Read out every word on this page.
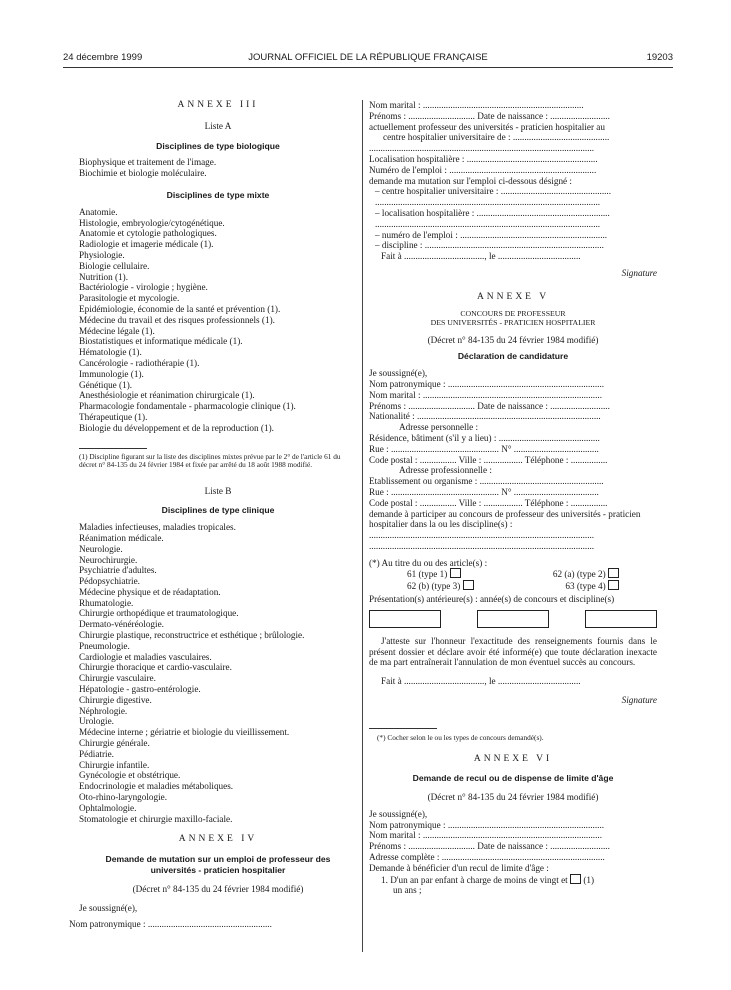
24 décembre 1999	JOURNAL OFFICIEL DE LA RÉPUBLIQUE FRANÇAISE	19203
ANNEXE III
Liste A
Disciplines de type biologique
Biophysique et traitement de l'image.
Biochimie et biologie moléculaire.
Disciplines de type mixte
Anatomie.
Histologie, embryologie/cytogénétique.
Anatomie et cytologie pathologiques.
Radiologie et imagerie médicale (1).
Physiologie.
Biologie cellulaire.
Nutrition (1).
Bactériologie - virologie ; hygiène.
Parasitologie et mycologie.
Epidémiologie, économie de la santé et prévention (1).
Médecine du travail et des risques professionnels (1).
Médecine légale (1).
Biostatistiques et informatique médicale (1).
Hématologie (1).
Cancérologie - radiothérapie (1).
Immunologie (1).
Génétique (1).
Anesthésiologie et réanimation chirurgicale (1).
Pharmacologie fondamentale - pharmacologie clinique (1).
Thérapeutique (1).
Biologie du développement et de la reproduction (1).
(1) Discipline figurant sur la liste des disciplines mixtes prévue par le 2° de l'article 61 du décret n° 84-135 du 24 février 1984 et fixée par arrêté du 18 août 1988 modifié.
Liste B
Disciplines de type clinique
Maladies infectieuses, maladies tropicales.
Réanimation médicale.
Neurologie.
Neurochirurgie.
Psychiatrie d'adultes.
Pédopsychiatrie.
Médecine physique et de réadaptation.
Rhumatologie.
Chirurgie orthopédique et traumatologique.
Dermato-vénéréologie.
Chirurgie plastique, reconstructrice et esthétique ; brûlologie.
Pneumologie.
Cardiologie et maladies vasculaires.
Chirurgie thoracique et cardio-vasculaire.
Chirurgie vasculaire.
Hépatologie - gastro-entérologie.
Chirurgie digestive.
Néphrologie.
Urologie.
Médecine interne ; gériatrie et biologie du vieillissement.
Chirurgie générale.
Pédiatrie.
Chirurgie infantile.
Gynécologie et obstétrique.
Endocrinologie et maladies métaboliques.
Oto-rhino-laryngologie.
Ophtalmologie.
Stomatologie et chirurgie maxillo-faciale.
ANNEXE IV
Demande de mutation sur un emploi de professeur des universités - praticien hospitalier
(Décret n° 84-135 du 24 février 1984 modifié)
Je soussigné(e),
Nom patronymique : ......................................................
Nom marital : ......................................................................
Prénoms : ............................. Date de naissance : ..........................
actuellement professeur des universités - praticien hospitalier au
centre hospitalier universitaire de : ..........................................
..................................................................................................
Localisation hospitalière : .........................................................
Numéro de l'emploi : ................................................................
demande ma mutation sur l'emploi ci-dessous désigné :
– centre hospitalier universitaire : ................................................
..................................................................................................
– localisation hospitalière : ..........................................................
..................................................................................................
– numéro de l'emploi : ................................................................
– discipline : ..............................................................................
Fait à ..................................., le ....................................
Signature
ANNEXE V
CONCOURS DE PROFESSEUR
DES UNIVERSITÉS - PRATICIEN HOSPITALIER
(Décret n° 84-135 du 24 février 1984 modifié)
Déclaration de candidature
Je soussigné(e),
Nom patronymique : ....................................................................
Nom marital : ..............................................................................
Prénoms : ............................. Date de naissance : ..........................
Nationalité : ................................................................................
Adresse personnelle :
Résidence, bâtiment (s'il y a lieu) : ............................................
Rue : ............................................... N° .....................................
Code postal : ................ Ville : ................. Téléphone : ................
Adresse professionnelle :
Etablissement ou organisme : ......................................................
Rue : ............................................... N° .....................................
Code postal : ................ Ville : ................. Téléphone : ................
demande à participer au concours de professeur des universités - praticien hospitalier dans la ou les discipline(s) :
..................................................................................................
..................................................................................................
(*) Au titre du ou des article(s) :
61 (type 1)	62 (a) (type 2)
62 (b) (type 3)	63 (type 4)
Présentation(s) antérieure(s) : année(s) de concours et discipline(s)
J'atteste sur l'honneur l'exactitude des renseignements fournis dans le présent dossier et déclare avoir été informé(e) que toute déclaration inexacte de ma part entraînerait l'annulation de mon éventuel succès au concours.
Fait à ..................................., le ....................................
Signature
(*) Cocher selon le ou les types de concours demandé(s).
ANNEXE VI
Demande de recul ou de dispense de limite d'âge
(Décret n° 84-135 du 24 février 1984 modifié)
Je soussigné(e),
Nom patronymique : ....................................................................
Nom marital : ..............................................................................
Prénoms : ............................. Date de naissance : ..........................
Adresse complète : .......................................................................
Demande à bénéficier d'un recul de limite d'âge :
1. D'un an par enfant à charge de moins de vingt et (1)
un ans ;
